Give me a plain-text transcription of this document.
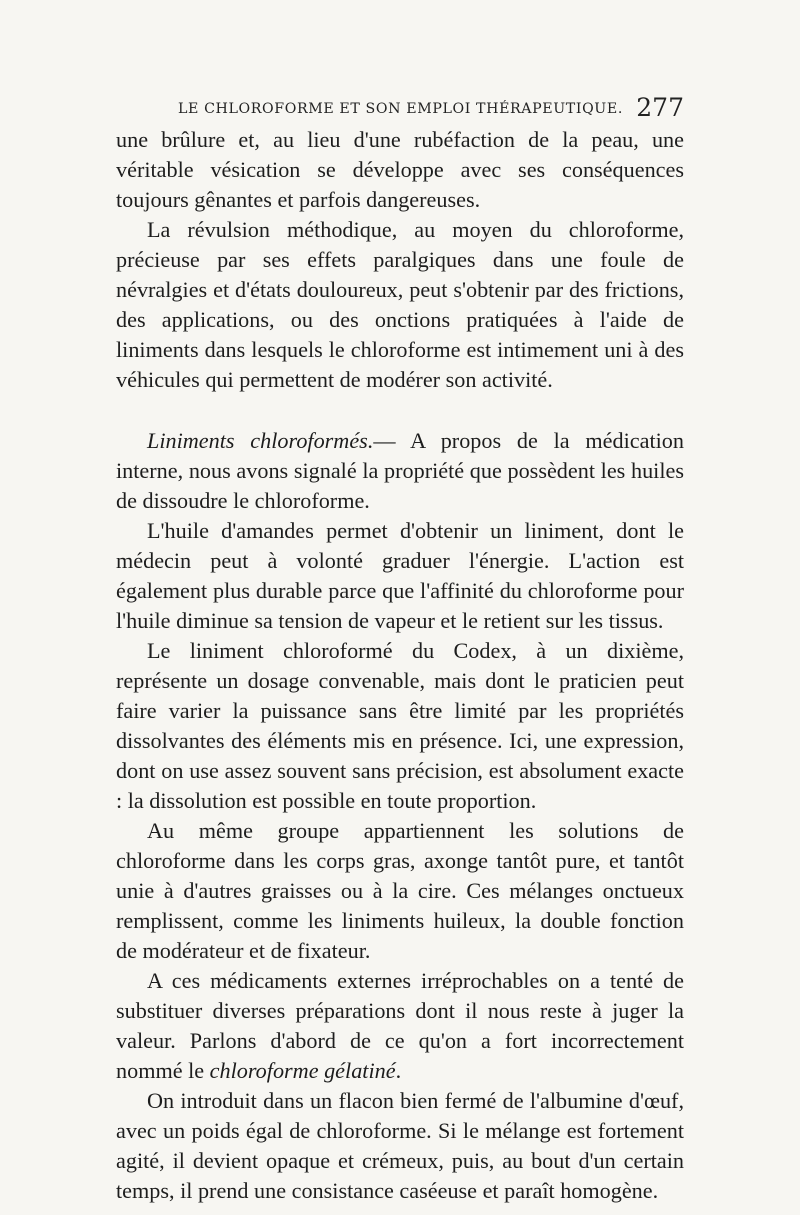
LE CHLOROFORME ET SON EMPLOI THÉRAPEUTIQUE. 277

une brûlure et, au lieu d'une rubéfaction de la peau, une véritable vésication se développe avec ses conséquences toujours gênantes et parfois dangereuses.

La révulsion méthodique, au moyen du chloroforme, précieuse par ses effets paralgiques dans une foule de névralgies et d'états douloureux, peut s'obtenir par des frictions, des applications, ou des onctions pratiquées à l'aide de liniments dans lesquels le chloroforme est intimement uni à des véhicules qui permettent de modérer son activité.

Liniments chloroformés.— A propos de la médication interne, nous avons signalé la propriété que possèdent les huiles de dissoudre le chloroforme.

L'huile d'amandes permet d'obtenir un liniment, dont le médecin peut à volonté graduer l'énergie. L'action est également plus durable parce que l'affinité du chloroforme pour l'huile diminue sa tension de vapeur et le retient sur les tissus.

Le liniment chloroformé du Codex, à un dixième, représente un dosage convenable, mais dont le praticien peut faire varier la puissance sans être limité par les propriétés dissolvantes des éléments mis en présence. Ici, une expression, dont on use assez souvent sans précision, est absolument exacte : la dissolution est possible en toute proportion.

Au même groupe appartiennent les solutions de chloroforme dans les corps gras, axonge tantôt pure, et tantôt unie à d'autres graisses ou à la cire. Ces mélanges onctueux remplissent, comme les liniments huileux, la double fonction de modérateur et de fixateur.

A ces médicaments externes irréprochables on a tenté de substituer diverses préparations dont il nous reste à juger la valeur. Parlons d'abord de ce qu'on a fort incorrectement nommé le chloroforme gélatiné.

On introduit dans un flacon bien fermé de l'albumine d'œuf, avec un poids égal de chloroforme. Si le mélange est fortement agité, il devient opaque et crémeux, puis, au bout d'un certain temps, il prend une consistance caséeuse et paraît homogène.
